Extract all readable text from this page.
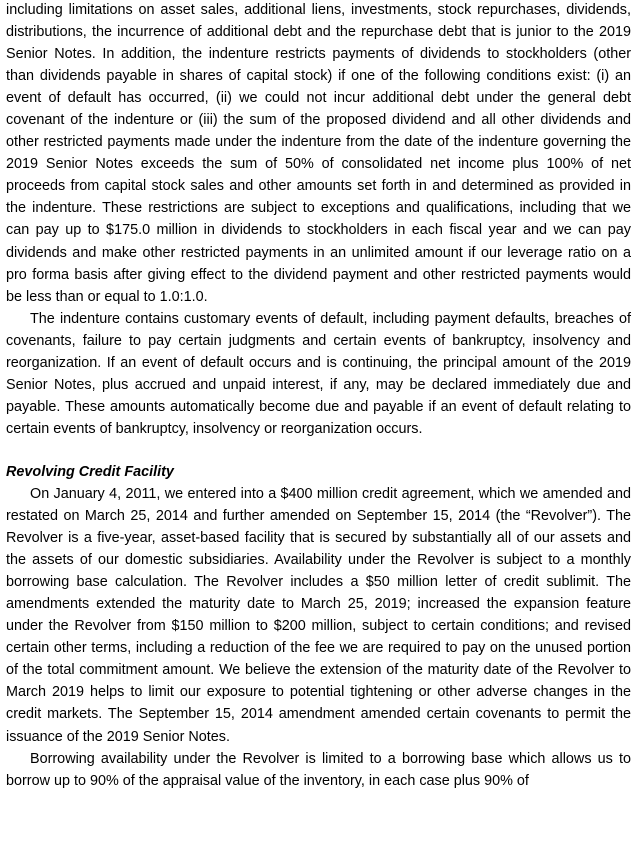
including limitations on asset sales, additional liens, investments, stock repurchases, dividends, distributions, the incurrence of additional debt and the repurchase debt that is junior to the 2019 Senior Notes. In addition, the indenture restricts payments of dividends to stockholders (other than dividends payable in shares of capital stock) if one of the following conditions exist: (i) an event of default has occurred, (ii) we could not incur additional debt under the general debt covenant of the indenture or (iii) the sum of the proposed dividend and all other dividends and other restricted payments made under the indenture from the date of the indenture governing the 2019 Senior Notes exceeds the sum of 50% of consolidated net income plus 100% of net proceeds from capital stock sales and other amounts set forth in and determined as provided in the indenture. These restrictions are subject to exceptions and qualifications, including that we can pay up to $175.0 million in dividends to stockholders in each fiscal year and we can pay dividends and make other restricted payments in an unlimited amount if our leverage ratio on a pro forma basis after giving effect to the dividend payment and other restricted payments would be less than or equal to 1.0:1.0.

The indenture contains customary events of default, including payment defaults, breaches of covenants, failure to pay certain judgments and certain events of bankruptcy, insolvency and reorganization. If an event of default occurs and is continuing, the principal amount of the 2019 Senior Notes, plus accrued and unpaid interest, if any, may be declared immediately due and payable. These amounts automatically become due and payable if an event of default relating to certain events of bankruptcy, insolvency or reorganization occurs.

Revolving Credit Facility

On January 4, 2011, we entered into a $400 million credit agreement, which we amended and restated on March 25, 2014 and further amended on September 15, 2014 (the “Revolver”). The Revolver is a five-year, asset-based facility that is secured by substantially all of our assets and the assets of our domestic subsidiaries. Availability under the Revolver is subject to a monthly borrowing base calculation. The Revolver includes a $50 million letter of credit sublimit. The amendments extended the maturity date to March 25, 2019; increased the expansion feature under the Revolver from $150 million to $200 million, subject to certain conditions; and revised certain other terms, including a reduction of the fee we are required to pay on the unused portion of the total commitment amount. We believe the extension of the maturity date of the Revolver to March 2019 helps to limit our exposure to potential tightening or other adverse changes in the credit markets. The September 15, 2014 amendment amended certain covenants to permit the issuance of the 2019 Senior Notes.

Borrowing availability under the Revolver is limited to a borrowing base which allows us to borrow up to 90% of the appraisal value of the inventory, in each case plus 90% of
